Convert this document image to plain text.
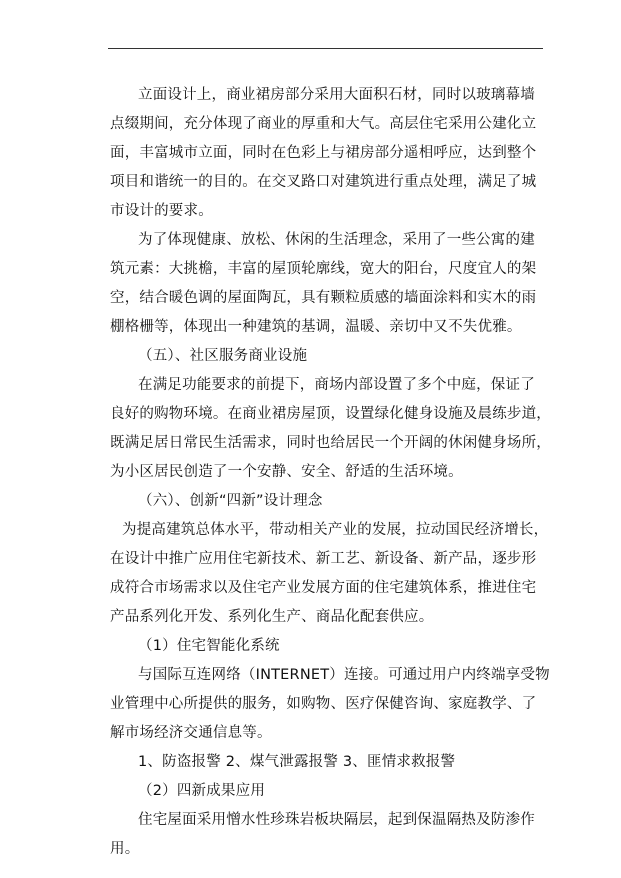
立面设计上，商业裙房部分采用大面积石材，同时以玻璃幕墙
点缀期间，充分体现了商业的厚重和大气。高层住宅采用公建化立
面，丰富城市立面，同时在色彩上与裙房部分遥相呼应，达到整个
项目和谐统一的目的。在交叉路口对建筑进行重点处理，满足了城
市设计的要求。
为了体现健康、放松、休闲的生活理念，采用了一些公寓的建
筑元素：大挑檐，丰富的屋顶轮廓线，宽大的阳台，尺度宜人的架
空，结合暖色调的屋面陶瓦，具有颗粒质感的墙面涂料和实木的雨
棚格栅等，体现出一种建筑的基调，温暖、亲切中又不失优雅。
（五）、社区服务商业设施
在满足功能要求的前提下，商场内部设置了多个中庭，保证了
良好的购物环境。在商业裙房屋顶，设置绿化健身设施及晨练步道，
既满足居日常民生活需求，同时也给居民一个开阔的休闲健身场所，
为小区居民创造了一个安静、安全、舒适的生活环境。
（六）、创新“四新”设计理念
为提高建筑总体水平，带动相关产业的发展，拉动国民经济增长，
在设计中推广应用住宅新技术、新工艺、新设备、新产品，逐步形
成符合市场需求以及住宅产业发展方面的住宅建筑体系，推进住宅
产品系列化开发、系列化生产、商品化配套供应。
（1）住宅智能化系统
与国际互连网络（INTERNET）连接。可通过用户内终端享受物
业管理中心所提供的服务，如购物、医疗保健咨询、家庭教学、了
解市场经济交通信息等。
1、防盗报警 2、煤气泄露报警 3、匪情求救报警
（2）四新成果应用
住宅屋面采用憎水性珍珠岩板块隔层，起到保温隔热及防渗作
用。
